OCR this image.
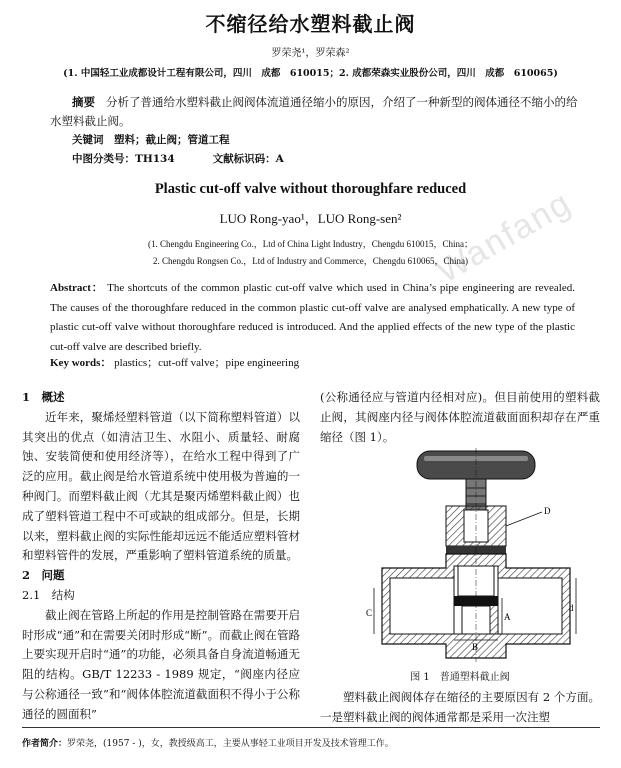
Wanfang
不缩径给水塑料截止阀
罗荣尧¹，罗荣森²
(1. 中国轻工业成都设计工程有限公司，四川　成都　610015；2. 成都荣森实业股份公司，四川　成都　610065)
摘要 分析了普通给水塑料截止阀阀体流道通径缩小的原因，介绍了一种新型的阀体通径不缩小的给水塑料截止阀。
关键词　塑料；截止阀；管道工程
中图分类号：TH134	文献标识码：A
Plastic cut-off valve without thoroughfare reduced
LUO Rong-yao¹，LUO Rong-sen²
(1. Chengdu Engineering Co.，Ltd of China Light Industry，Chengdu 610015，China；
2. Chengdu Rongsen Co.，Ltd of Industry and Commerce，Chengdu 610065，China)
Abstract： The shortcuts of the common plastic cut-off valve which used in China’s pipe engineering are revealed. The causes of the thoroughfare reduced in the common plastic cut-off valve are analysed emphatically. A new type of plastic cut-off valve without thoroughfare reduced is introduced. And the applied effects of the new type of the plastic cut-off valve are described briefly.
Key words： plastics；cut-off valve；pipe engineering

1　概述

近年来，聚烯烃塑料管道（以下简称塑料管道）以其突出的优点（如清洁卫生、水阻小、质量轻、耐腐蚀、安装简便和使用经济等），在给水工程中得到了广泛的应用。截止阀是给水管道系统中使用极为普遍的一种阀门。而塑料截止阀（尤其是聚丙烯塑料截止阀）也成了塑料管道工程中不可或缺的组成部分。但是，长期以来，塑料截止阀的实际性能却远远不能适应塑料管材和塑料管件的发展，严重影响了塑料管道系统的质量。

2　问题

2.1　结构

截止阀在管路上所起的作用是控制管路在需要开启时形成“通”和在需要关闭时形成“断”。而截止阀在管路上要实现开启时“通”的功能，必须具备自身流道畅通无阻的结构。GB/T 12233 - 1989 规定，“阀座内径应与公称通径一致”和“阀体体腔流道截面积不得小于公称通径的圆面积”

(公称通径应与管道内径相对应)。但目前使用的塑料截止阀，其阀座内径与阀体体腔流道截面面积却存在严重缩径（图 1）。

d
C
B
A
D
图 1　普通塑料截止阀

塑料截止阀阀体存在缩径的主要原因有 2 个方面。一是塑料截止阀的阀体通常都是采用一次注塑

作者简介：罗荣尧，(1957 - )，女，教授级高工，主要从事轻工业项目开发及技术管理工作。
